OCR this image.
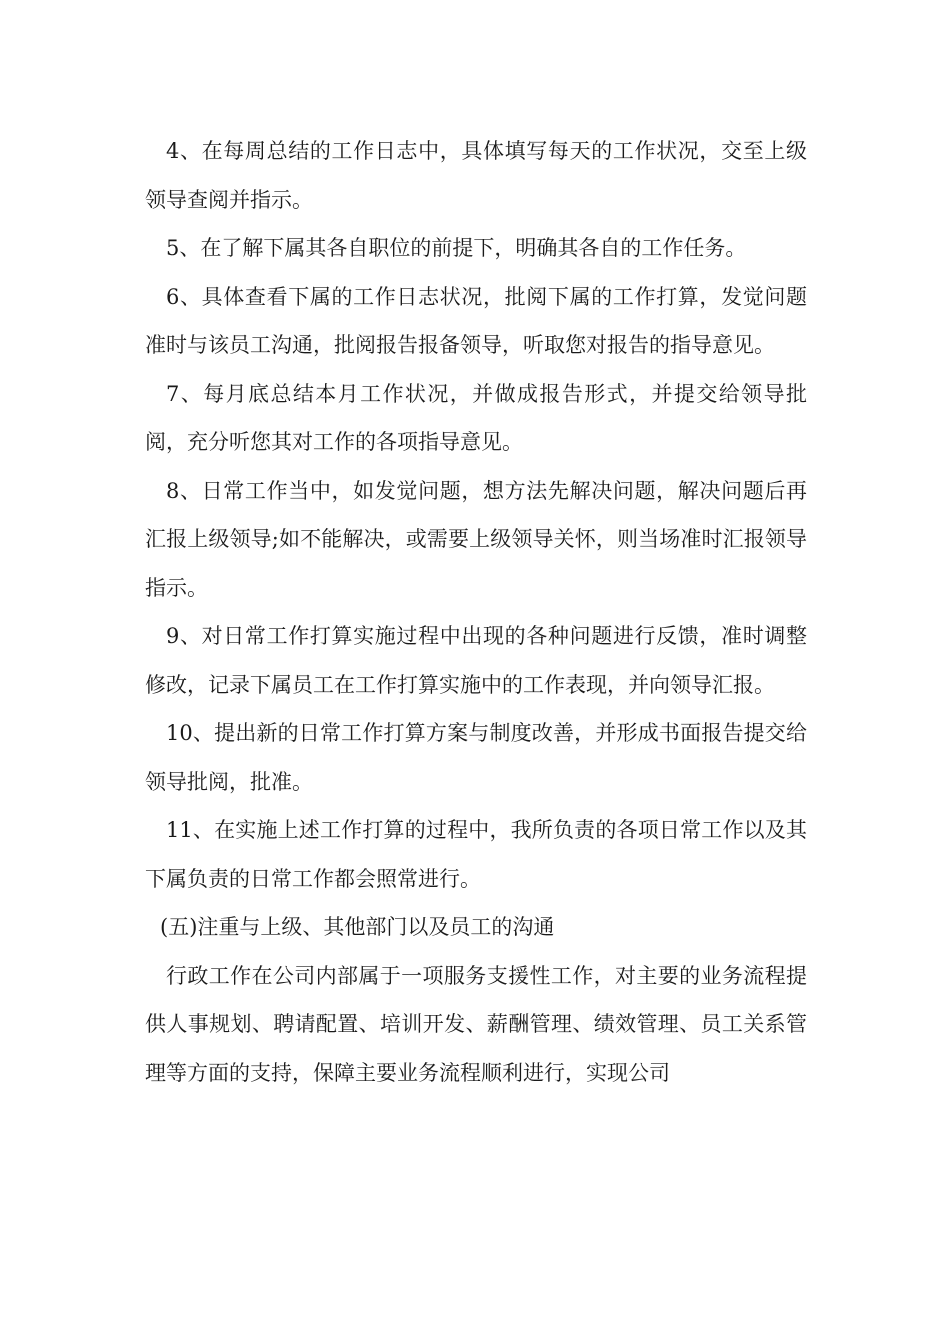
4、在每周总结的工作日志中，具体填写每天的工作状况，交至上级领导查阅并指示。

5、在了解下属其各自职位的前提下，明确其各自的工作任务。

6、具体查看下属的工作日志状况，批阅下属的工作打算，发觉问题准时与该员工沟通，批阅报告报备领导，听取您对报告的指导意见。

7、每月底总结本月工作状况，并做成报告形式，并提交给领导批阅，充分听您其对工作的各项指导意见。

8、日常工作当中，如发觉问题，想方法先解决问题，解决问题后再汇报上级领导;如不能解决，或需要上级领导关怀，则当场准时汇报领导指示。

9、对日常工作打算实施过程中出现的各种问题进行反馈，准时调整修改，记录下属员工在工作打算实施中的工作表现，并向领导汇报。

10、提出新的日常工作打算方案与制度改善，并形成书面报告提交给领导批阅，批准。

11、在实施上述工作打算的过程中，我所负责的各项日常工作以及其下属负责的日常工作都会照常进行。

(五)注重与上级、其他部门以及员工的沟通

行政工作在公司内部属于一项服务支援性工作，对主要的业务流程提供人事规划、聘请配置、培训开发、薪酬管理、绩效管理、员工关系管理等方面的支持，保障主要业务流程顺利进行，实现公司
